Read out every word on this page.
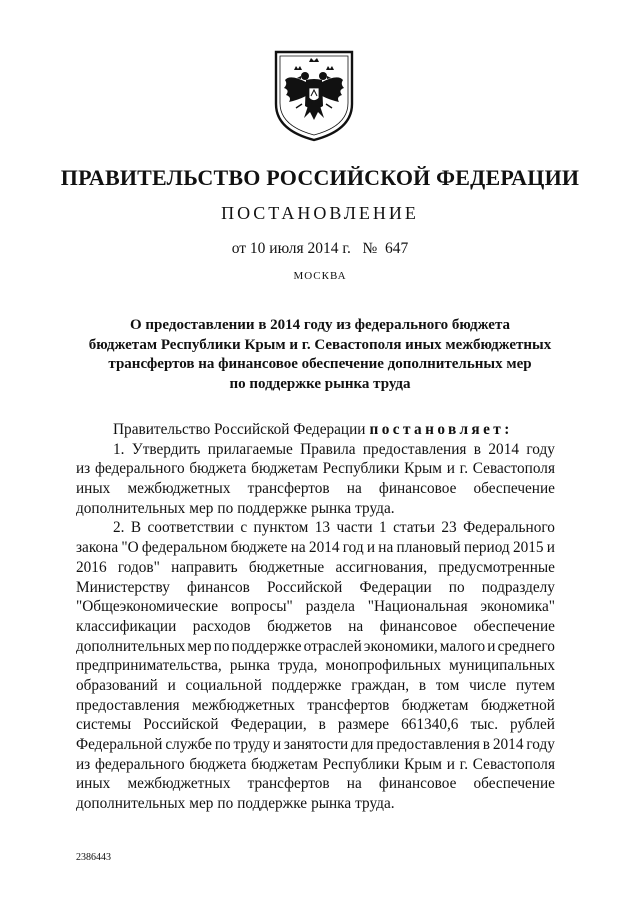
ПРАВИТЕЛЬСТВО РОССИЙСКОЙ ФЕДЕРАЦИИ
ПОСТАНОВЛЕНИЕ
от 10 июля 2014 г.   №  647
МОСКВА
О предоставлении в 2014 году из федерального бюджета
бюджетам Республики Крым и г. Севастополя иных межбюджетных
трансфертов на финансовое обеспечение дополнительных мер
по поддержке рынка труда
Правительство Российской Федерации постановляет:
1. Утвердить прилагаемые Правила предоставления в 2014 году
из федерального бюджета бюджетам Республики Крым и г. Севастополя
иных межбюджетных трансфертов на финансовое обеспечение
дополнительных мер по поддержке рынка труда.
2. В соответствии с пунктом 13 части 1 статьи 23 Федерального
закона "О федеральном бюджете на 2014 год и на плановый период 2015 и
2016 годов" направить бюджетные ассигнования, предусмотренные
Министерству финансов Российской Федерации по подразделу
"Общеэкономические вопросы" раздела "Национальная экономика"
классификации расходов бюджетов на финансовое обеспечение
дополнительных мер по поддержке отраслей экономики, малого и среднего
предпринимательства, рынка труда, монопрофильных муниципальных
образований и социальной поддержке граждан, в том числе путем
предоставления межбюджетных трансфертов бюджетам бюджетной
системы Российской Федерации, в размере 661340,6 тыс. рублей
Федеральной службе по труду и занятости для предоставления в 2014 году
из федерального бюджета бюджетам Республики Крым и г. Севастополя
иных межбюджетных трансфертов на финансовое обеспечение
дополнительных мер по поддержке рынка труда.
2386443
